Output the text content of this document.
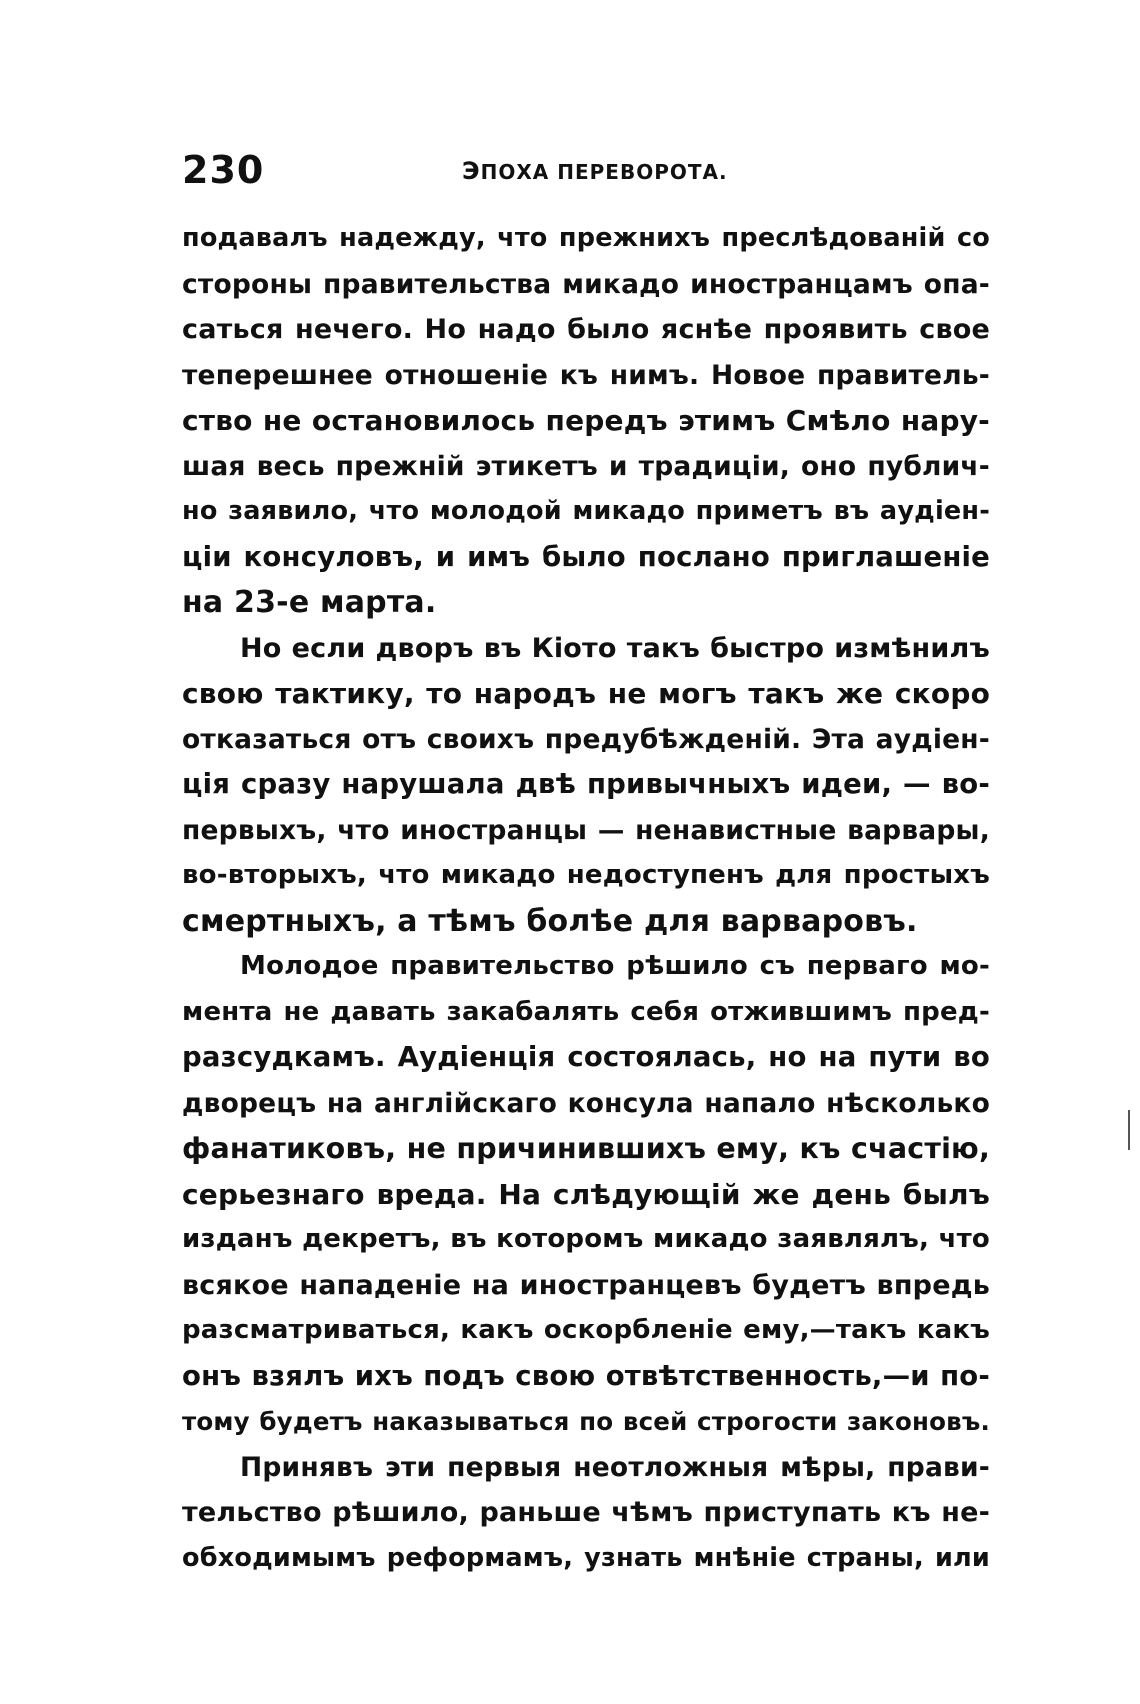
230	ЭПОХА ПЕРЕВОРОТА.
подавалъ надежду, что прежнихъ преслѣдованій со
стороны правительства микадо иностранцамъ опа-
саться нечего. Но надо было яснѣе проявить свое
теперешнее отношеніе къ нимъ. Новое правитель-
ство не остановилось передъ этимъ Смѣло нару-
шая весь прежній этикетъ и традиціи, оно публич-
но заявило, что молодой микадо приметъ въ аудіен-
ціи консуловъ, и имъ было послано приглашеніе
на 23-е марта.
Но если дворъ въ Кіото такъ быстро измѣнилъ
свою тактику, то народъ не могъ такъ же скоро
отказаться отъ своихъ предубѣжденій. Эта аудіен-
ція сразу нарушала двѣ привычныхъ идеи, — во-
первыхъ, что иностранцы — ненавистные варвары,
во-вторыхъ, что микадо недоступенъ для простыхъ
смертныхъ, а тѣмъ болѣе для варваровъ.
Молодое правительство рѣшило съ перваго мо-
мента не давать закабалять себя отжившимъ пред-
разсудкамъ. Аудіенція состоялась, но на пути во
дворецъ на англійскаго консула напало нѣсколько
фанатиковъ, не причинившихъ ему, къ счастію,
серьезнаго вреда. На слѣдующій же день былъ
изданъ декретъ, въ которомъ микадо заявлялъ, что
всякое нападеніе на иностранцевъ будетъ впредь
разсматриваться, какъ оскорбленіе ему,—такъ какъ
онъ взялъ ихъ подъ свою отвѣтственность,—и по-
тому будетъ наказываться по всей строгости законовъ.
Принявъ эти первыя неотложныя мѣры, прави-
тельство рѣшило, раньше чѣмъ приступать къ не-
обходимымъ реформамъ, узнать мнѣніе страны, или
